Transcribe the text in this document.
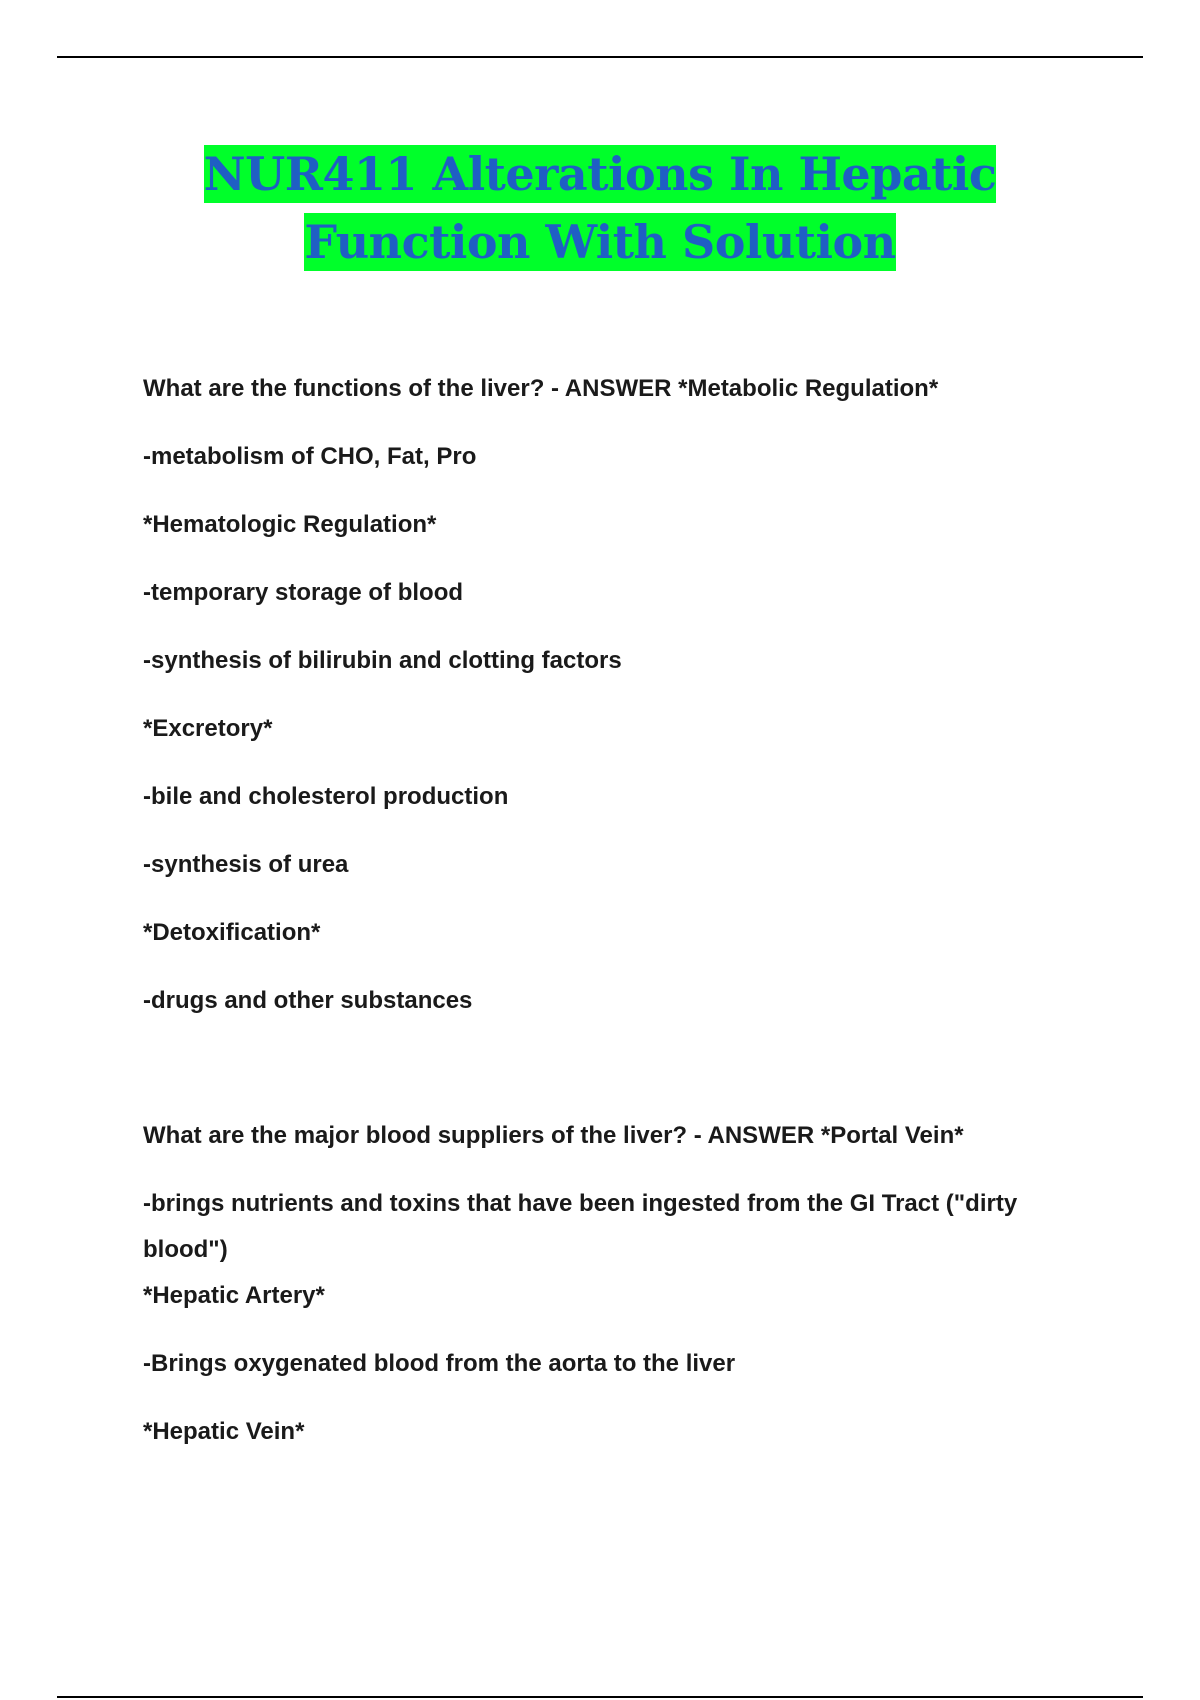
NUR411 Alterations In Hepatic
Function With Solution

What are the functions of the liver? - ANSWER *Metabolic Regulation*

-metabolism of CHO, Fat, Pro

*Hematologic Regulation*

-temporary storage of blood

-synthesis of bilirubin and clotting factors

*Excretory*

-bile and cholesterol production

-synthesis of urea

*Detoxification*

-drugs and other substances

What are the major blood suppliers of the liver? - ANSWER *Portal Vein*

-brings nutrients and toxins that have been ingested from the GI Tract ("dirty blood")

*Hepatic Artery*

-Brings oxygenated blood from the aorta to the liver

*Hepatic Vein*
